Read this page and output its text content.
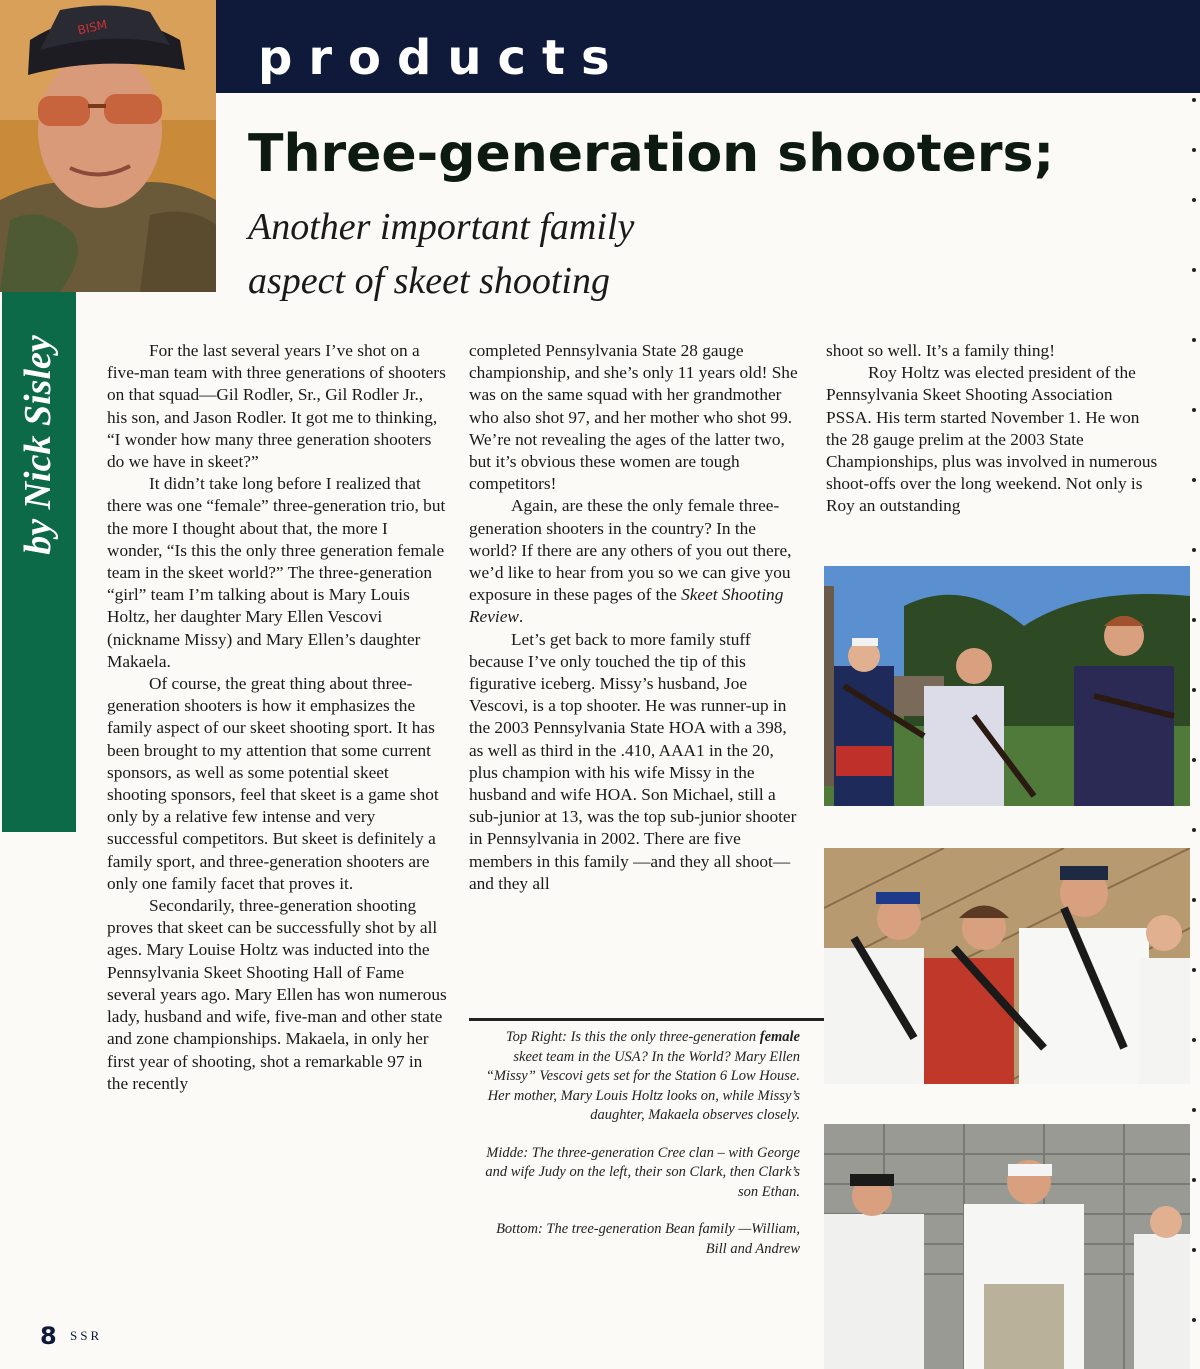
products
BISM
Three-generation shooters;
Another important family
aspect of skeet shooting
by Nick Sisley	For the last several years I’ve shot on a five-man team with three generations of shooters on that squad—Gil Rodler, Sr., Gil Rodler Jr., his son, and Jason Rodler. It got me to thinking, “I wonder how many three generation shooters do we have in skeet?”

It didn’t take long before I realized that there was one “female” three-generation trio, but the more I thought about that, the more I wonder, “Is this the only three generation female team in the skeet world?” The three-generation “girl” team I’m talking about is Mary Louis Holtz, her daughter Mary Ellen Vescovi (nickname Missy) and Mary Ellen’s daughter Makaela.

Of course, the great thing about three-generation shooters is how it emphasizes the family aspect of our skeet shooting sport. It has been brought to my attention that some current sponsors, as well as some potential skeet shooting sponsors, feel that skeet is a game shot only by a relative few intense and very successful competitors. But skeet is definitely a family sport, and three-generation shooters are only one family facet that proves it.

Secondarily, three-generation shooting proves that skeet can be successfully shot by all ages. Mary Louise Holtz was inducted into the Pennsylvania Skeet Shooting Hall of Fame several years ago. Mary Ellen has won numerous lady, husband and wife, five-man and other state and zone championships. Makaela, in only her first year of shooting, shot a remarkable 97 in the recently

completed Pennsylvania State 28 gauge championship, and she’s only 11 years old! She was on the same squad with her grandmother who also shot 97, and her mother who shot 99. We’re not revealing the ages of the latter two, but it’s obvious these women are tough competitors!

Again, are these the only female three-generation shooters in the country? In the world? If there are any others of you out there, we’d like to hear from you so we can give you exposure in these pages of the Skeet Shooting Review.

Let’s get back to more family stuff because I’ve only touched the tip of this figurative iceberg. Missy’s husband, Joe Vescovi, is a top shooter. He was runner-up in the 2003 Pennsylvania State HOA with a 398, as well as third in the .410, AAA1 in the 20, plus champion with his wife Missy in the husband and wife HOA. Son Michael, still a sub-junior at 13, was the top sub-junior shooter in Pennsylvania in 2002. There are five members in this family —and they all shoot—and they all

shoot so well. It’s a family thing!

Roy Holtz was elected president of the Pennsylvania Skeet Shooting Association PSSA. His term started November 1. He won the 28 gauge prelim at the 2003 State Championships, plus was involved in numerous shoot-offs over the long weekend. Not only is Roy an outstanding

Top Right: Is this the only three-generation female skeet team in the USA? In the World? Mary Ellen “Missy” Vescovi gets set for the Station 6 Low House. Her mother, Mary Louis Holtz looks on, while Missy’s daughter, Makaela observes closely.

Midde: The three-generation Cree clan – with George and wife Judy on the left, their son Clark, then Clark’s son Ethan.

Bottom: The tree-generation Bean family —William, Bill and Andrew

8 SSR
